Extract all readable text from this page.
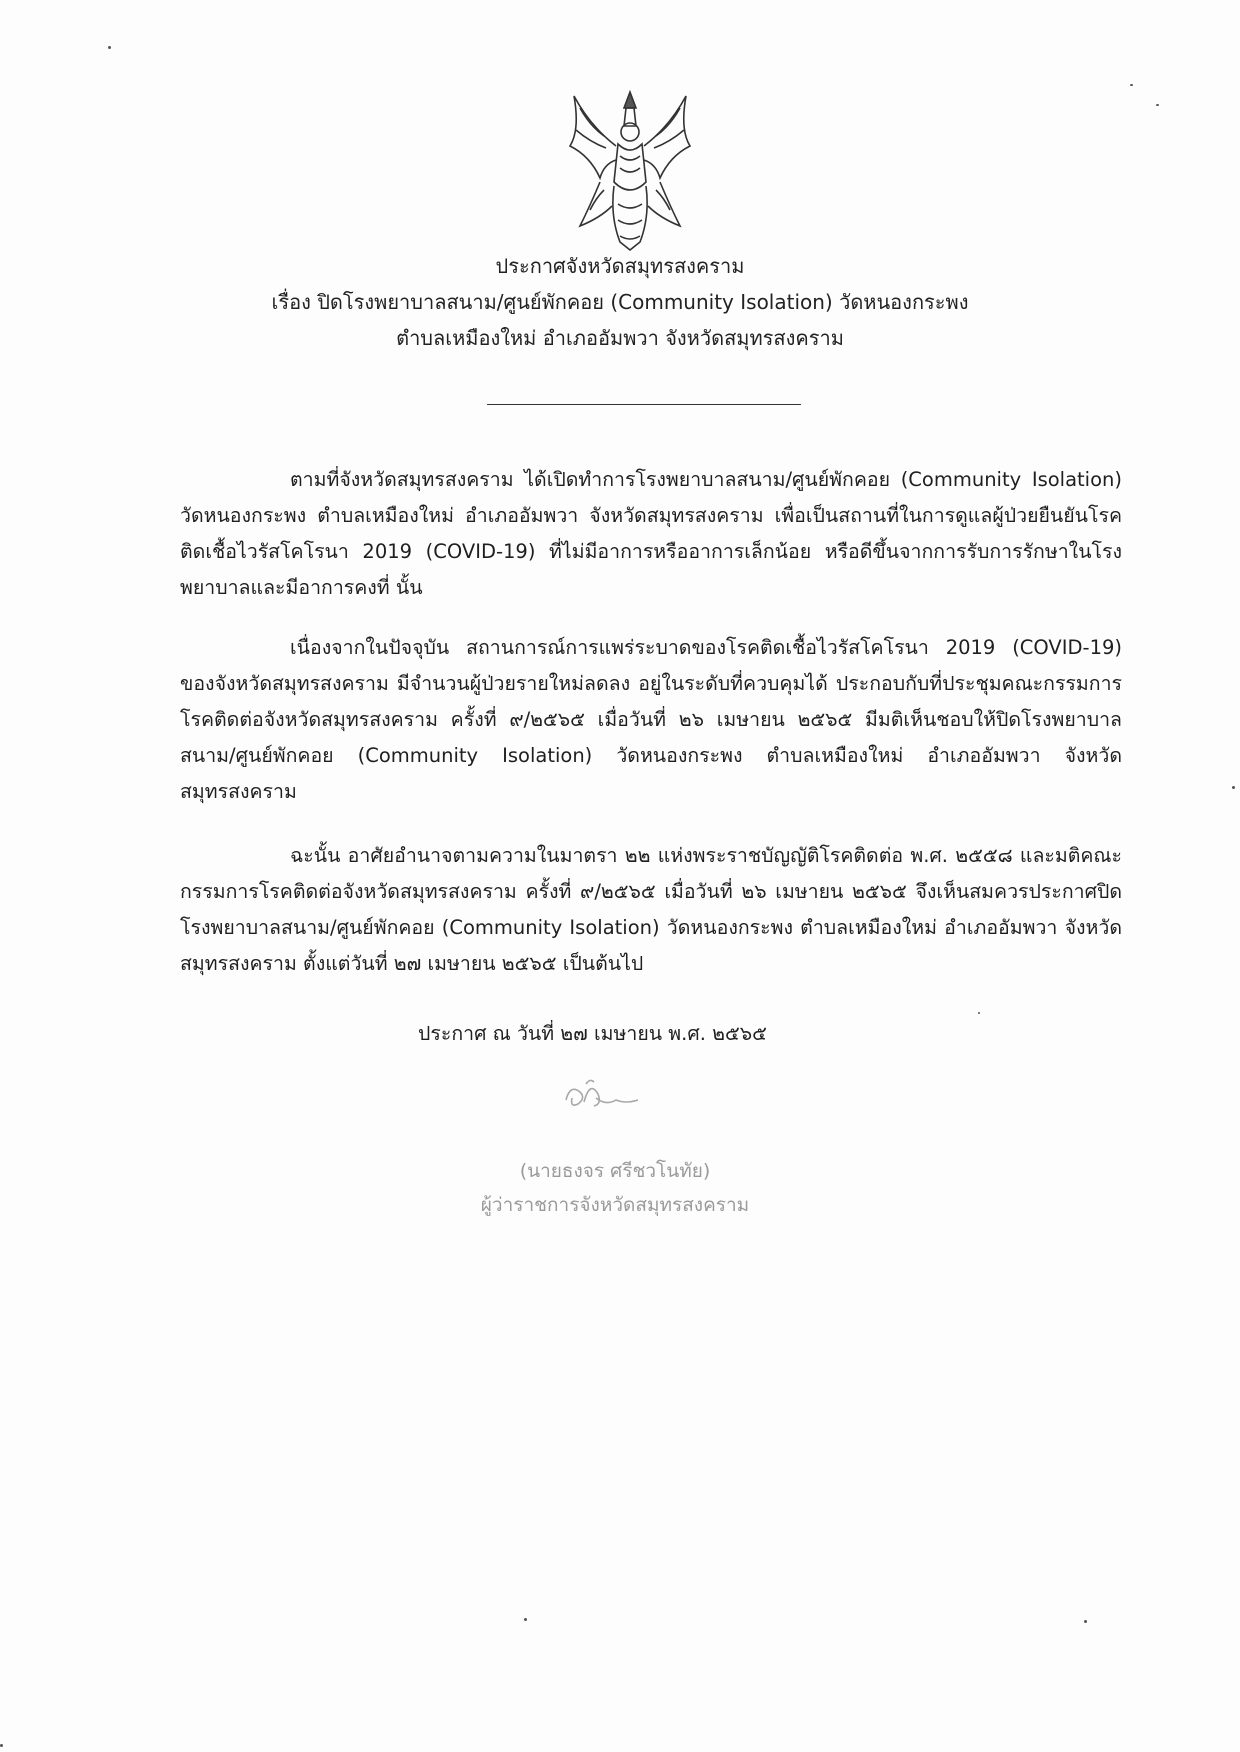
ประกาศจังหวัดสมุทรสงคราม
เรื่อง ปิดโรงพยาบาลสนาม/ศูนย์พักคอย (Community Isolation) วัดหนองกระพง
ตำบลเหมืองใหม่ อำเภออัมพวา จังหวัดสมุทรสงคราม

ตามที่จังหวัดสมุทรสงคราม ได้เปิดทำการโรงพยาบาลสนาม/ศูนย์พักคอย (Community Isolation) วัดหนองกระพง ตำบลเหมืองใหม่ อำเภออัมพวา จังหวัดสมุทรสงคราม เพื่อเป็นสถานที่ในการดูแลผู้ป่วยยืนยันโรคติดเชื้อไวรัสโคโรนา 2019 (COVID-19) ที่ไม่มีอาการหรืออาการเล็กน้อย หรือดีขึ้นจากการรับการรักษาในโรงพยาบาลและมีอาการคงที่ นั้น

เนื่องจากในปัจจุบัน สถานการณ์การแพร่ระบาดของโรคติดเชื้อไวรัสโคโรนา 2019 (COVID-19) ของจังหวัดสมุทรสงคราม มีจำนวนผู้ป่วยรายใหม่ลดลง อยู่ในระดับที่ควบคุมได้ ประกอบกับที่ประชุมคณะกรรมการโรคติดต่อจังหวัดสมุทรสงคราม ครั้งที่ ๙/๒๕๖๕ เมื่อวันที่ ๒๖ เมษายน ๒๕๖๕ มีมติเห็นชอบให้ปิดโรงพยาบาลสนาม/ศูนย์พักคอย (Community Isolation) วัดหนองกระพง ตำบลเหมืองใหม่ อำเภออัมพวา จังหวัดสมุทรสงคราม

ฉะนั้น อาศัยอำนาจตามความในมาตรา ๒๒ แห่งพระราชบัญญัติโรคติดต่อ พ.ศ. ๒๕๕๘ และมติคณะกรรมการโรคติดต่อจังหวัดสมุทรสงคราม ครั้งที่ ๙/๒๕๖๕ เมื่อวันที่ ๒๖ เมษายน ๒๕๖๕ จึงเห็นสมควรประกาศปิดโรงพยาบาลสนาม/ศูนย์พักคอย (Community Isolation) วัดหนองกระพง ตำบลเหมืองใหม่ อำเภออัมพวา จังหวัดสมุทรสงคราม ตั้งแต่วันที่ ๒๗ เมษายน ๒๕๖๕ เป็นต้นไป

ประกาศ ณ วันที่ ๒๗ เมษายน พ.ศ. ๒๕๖๕
(นายธงจร ศรีชวโนทัย)
ผู้ว่าราชการจังหวัดสมุทรสงคราม
